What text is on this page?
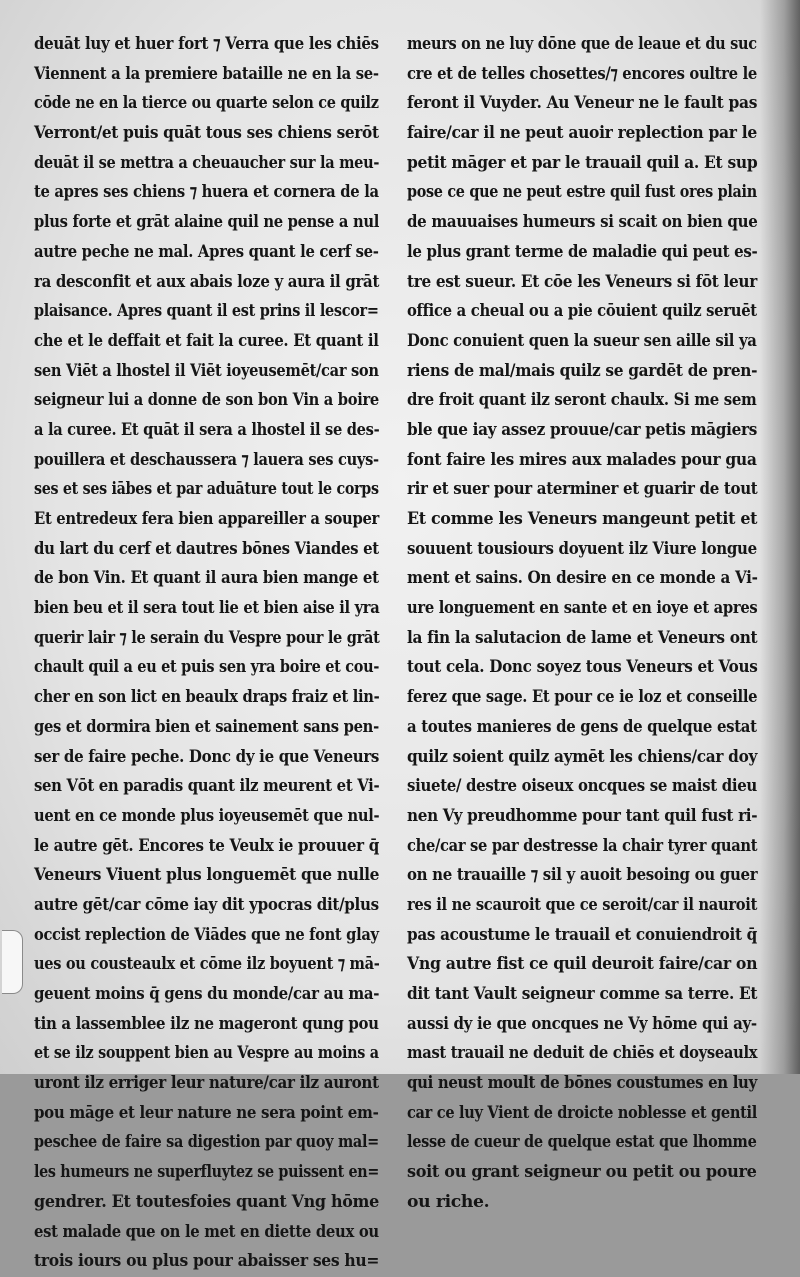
deuāt luy et huer fort ⁊ Verra que les chiēs
Viennent a la premiere bataille ne en la se-
cōde ne en la tierce ou quarte selon ce quilz
Verront/et puis quāt tous ses chiens serōt
deuāt il se mettra a cheuaucher sur la meu-
te apres ses chiens ⁊ huera et cornera de la
plus forte et grāt alaine quil ne pense a nul
autre peche ne mal. Apres quant le cerf se-
ra desconfit et aux abais loze y aura il grāt
plaisance. Apres quant il est prins il lescor=
che et le deffait et fait la curee. Et quant il
sen Viēt a lhostel il Viēt ioyeusemēt/car son
seigneur lui a donne de son bon Vin a boire
a la curee. Et quāt il sera a lhostel il se des-
pouillera et deschaussera ⁊ lauera ses cuys-
ses et ses iābes et par aduāture tout le corps
Et entredeux fera bien appareiller a souper
du lart du cerf et dautres bōnes Viandes et
de bon Vin. Et quant il aura bien mange et
bien beu et il sera tout lie et bien aise il yra
querir lair ⁊ le serain du Vespre pour le grāt
chault quil a eu et puis sen yra boire et cou-
cher en son lict en beaulx draps fraiz et lin-
ges et dormira bien et sainement sans pen-
ser de faire peche. Donc dy ie que Veneurs
sen Vōt en paradis quant ilz meurent et Vi-
uent en ce monde plus ioyeusemēt que nul-
le autre gēt. Encores te Veulx ie prouuer q̄
Veneurs Viuent plus longuemēt que nulle
autre gēt/car cōme iay dit ypocras dit/plus
occist replection de Viādes que ne font glay
ues ou cousteaulx et cōme ilz boyuent ⁊ mā-
geuent moins q̄ gens du monde/car au ma-
tin a lassemblee ilz ne mageront qung pou
et se ilz souppent bien au Vespre au moins a
uront ilz erriger leur nature/car ilz auront
pou māge et leur nature ne sera point em-
peschee de faire sa digestion par quoy mal=
les humeurs ne superfluytez se puissent en=
gendrer. Et toutesfoies quant Vng hōme
est malade que on le met en diette deux ou
trois iours ou plus pour abaisser ses hu=
meurs on ne luy dōne que de leaue et du suc
cre et de telles chosettes/⁊ encores oultre le
feront il Vuyder. Au Veneur ne le fault pas
faire/car il ne peut auoir replection par le
petit māger et par le trauail quil a. Et sup
pose ce que ne peut estre quil fust ores plain
de mauuaises humeurs si scait on bien que
le plus grant terme de maladie qui peut es-
tre est sueur. Et cōe les Veneurs si fōt leur
office a cheual ou a pie cōuient quilz seruēt
Donc conuient quen la sueur sen aille sil ya
riens de mal/mais quilz se gardēt de pren-
dre froit quant ilz seront chaulx. Si me sem
ble que iay assez prouue/car petis māgiers
font faire les mires aux malades pour gua
rir et suer pour aterminer et guarir de tout
Et comme les Veneurs mangeunt petit et
souuent tousiours doyuent ilz Viure longue
ment et sains. On desire en ce monde a Vi-
ure longuement en sante et en ioye et apres
la fin la salutacion de lame et Veneurs ont
tout cela. Donc soyez tous Veneurs et Vous
ferez que sage. Et pour ce ie loz et conseille
a toutes manieres de gens de quelque estat
quilz soient quilz aymēt les chiens/car doy
siuete/ destre oiseux oncques se maist dieu
nen Vy preudhomme pour tant quil fust ri-
che/car se par destresse la chair tyrer quant
on ne trauaille ⁊ sil y auoit besoing ou guer
res il ne scauroit que ce seroit/car il nauroit
pas acoustume le trauail et conuiendroit q̄
Vng autre fist ce quil deuroit faire/car on
dit tant Vault seigneur comme sa terre. Et
aussi dy ie que oncques ne Vy hōme qui ay-
mast trauail ne deduit de chiēs et doyseaulx
qui neust moult de bōnes coustumes en luy
car ce luy Vient de droicte noblesse et gentil
lesse de cueur de quelque estat que lhomme
soit ou grant seigneur ou petit ou poure
ou riche.
